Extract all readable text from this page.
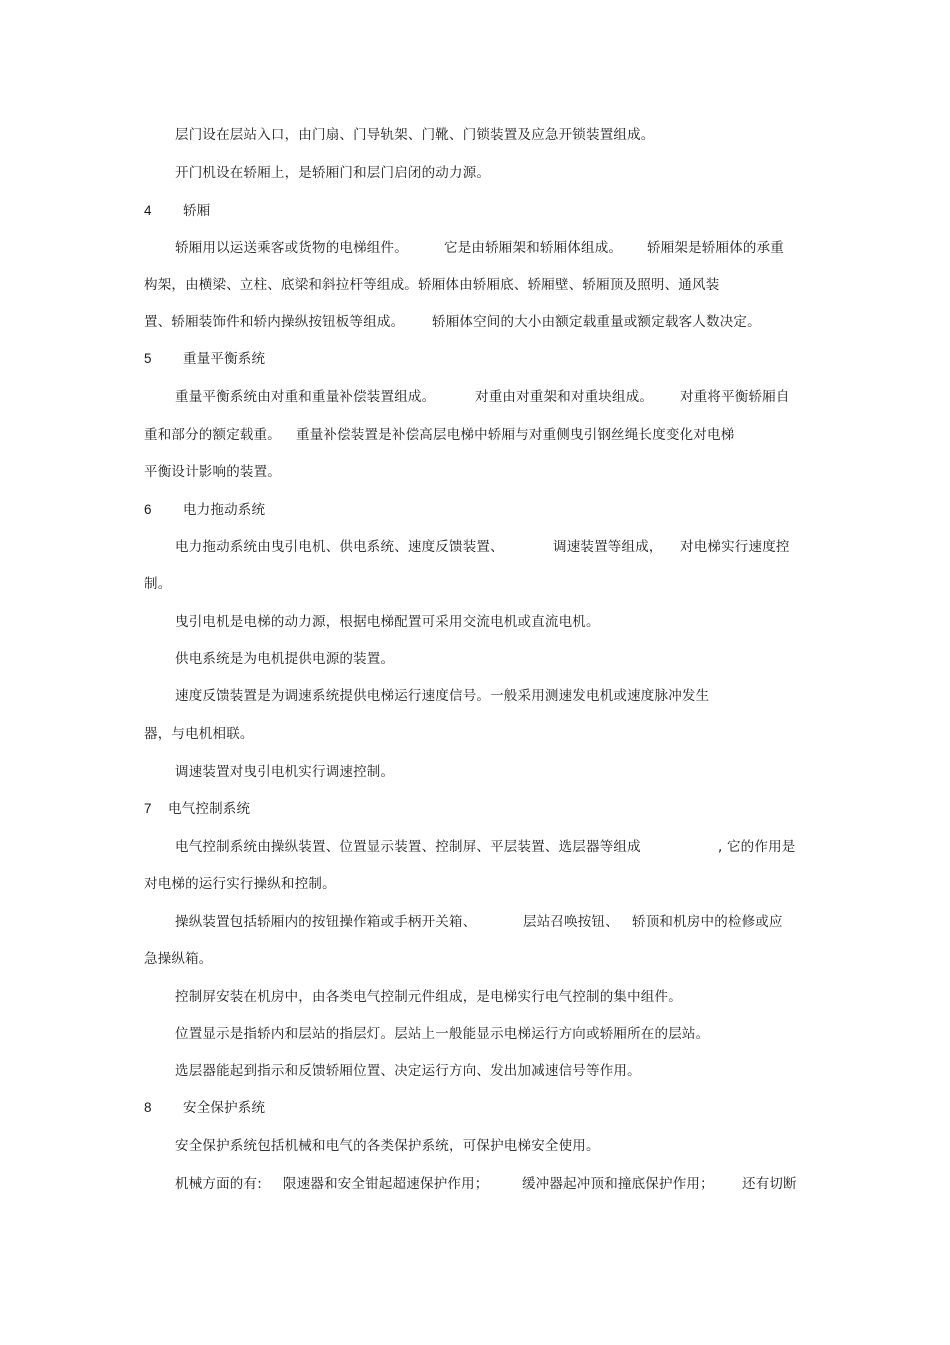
层门设在层站入口，由门扇、门导轨架、门靴、门锁装置及应急开锁装置组成。
开门机设在轿厢上，是轿厢门和层门启闭的动力源。
4 轿厢
轿厢用以运送乘客或货物的电梯组件。	它是由轿厢架和轿厢体组成。 轿厢架是轿厢体的承重
构架，由横梁、立柱、底梁和斜拉杆等组成。轿厢体由轿厢底、轿厢壁、轿厢顶及照明、通风装
置、轿厢装饰件和轿内操纵按钮板等组成。 轿厢体空间的大小由额定载重量或额定载客人数决定。
5 重量平衡系统
重量平衡系统由对重和重量补偿装置组成。	对重由对重架和对重块组成。 对重将平衡轿厢自
重和部分的额定载重。 重量补偿装置是补偿高层电梯中轿厢与对重侧曳引钢丝绳长度变化对电梯
平衡设计影响的装置。
6 电力拖动系统
电力拖动系统由曳引电机、供电系统、速度反馈装置、	调速装置等组成， 对电梯实行速度控
制。
曳引电机是电梯的动力源，根据电梯配置可采用交流电机或直流电机。
供电系统是为电机提供电源的装置。
速度反馈装置是为调速系统提供电梯运行速度信号。一般采用测速发电机或速度脉冲发生
器，与电机相联。
调速装置对曳引电机实行调速控制。
7 电气控制系统
电气控制系统由操纵装置、位置显示装置、控制屏、平层装置、选层器等组成	, 它的作用是
对电梯的运行实行操纵和控制。
操纵装置包括轿厢内的按钮操作箱或手柄开关箱、	层站召唤按钮、 轿顶和机房中的检修或应
急操纵箱。
控制屏安装在机房中，由各类电气控制元件组成，是电梯实行电气控制的集中组件。
位置显示是指轿内和层站的指层灯。层站上一般能显示电梯运行方向或轿厢所在的层站。
选层器能起到指示和反馈轿厢位置、决定运行方向、发出加减速信号等作用。
8 安全保护系统
安全保护系统包括机械和电气的各类保护系统，可保护电梯安全使用。
机械方面的有: 限速器和安全钳起超速保护作用； 缓冲器起冲顶和撞底保护作用； 还有切断
